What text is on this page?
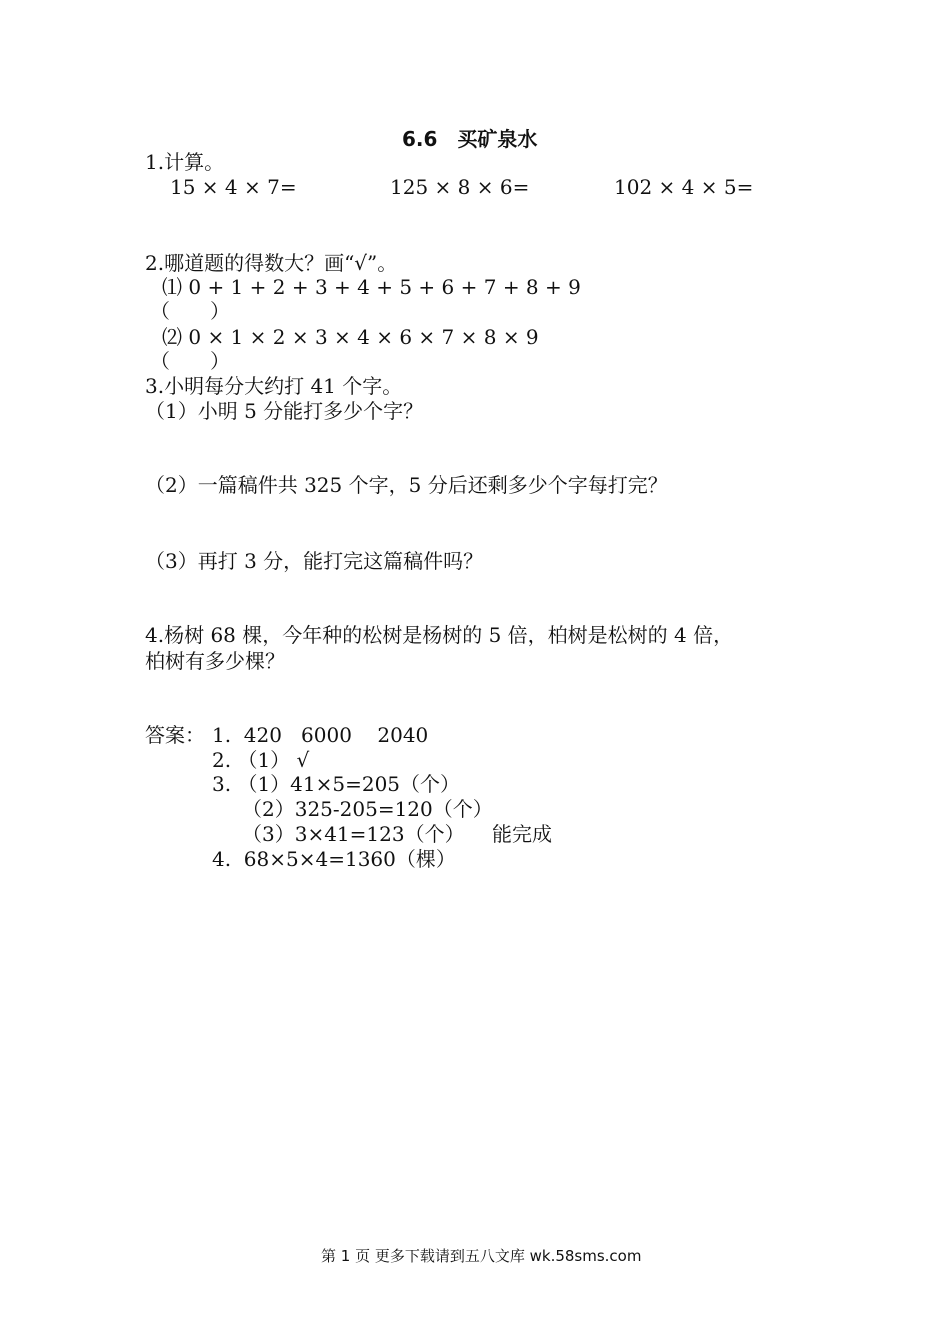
6.6　买矿泉水
1.计算。
15 × 4 × 7=	125 × 8 × 6=	102 × 4 × 5=
2.哪道题的得数大？画“√”。
⑴ 0 + 1 + 2 + 3 + 4 + 5 + 6 + 7 + 8 + 9
（　　）
⑵ 0 × 1 × 2 × 3 × 4 × 6 × 7 × 8 × 9
（　　）
3.小明每分大约打 41 个字。
（1）小明 5 分能打多少个字？
（2）一篇稿件共 325 个字，5 分后还剩多少个字每打完？
（3）再打 3 分，能打完这篇稿件吗？
4.杨树 68 棵，今年种的松树是杨树的 5 倍，柏树是松树的 4 倍，
柏树有多少棵？
答案： 1.  420   6000    2040
2. （1） √
3. （1）41×5=205（个）
（2）325-205=120（个）
（3）3×41=123（个） 能完成
4.  68×5×4=1360（棵）
第 1 页 更多下载请到五八文库 wk.58sms.com
